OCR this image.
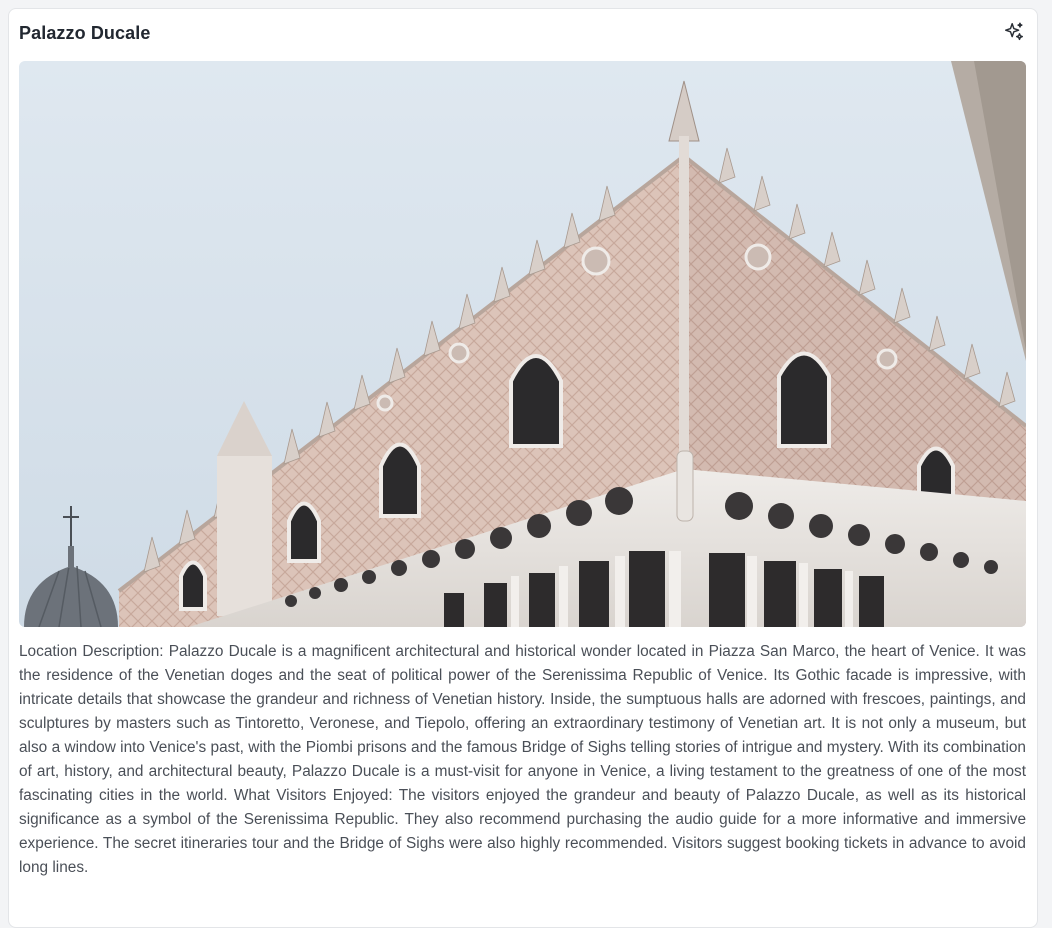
Palazzo Ducale

Location Description: Palazzo Ducale is a magnificent architectural and historical wonder located in Piazza San Marco, the heart of Venice. It was the residence of the Venetian doges and the seat of political power of the Serenissima Republic of Venice. Its Gothic facade is impressive, with intricate details that showcase the grandeur and richness of Venetian history. Inside, the sumptuous halls are adorned with frescoes, paintings, and sculptures by masters such as Tintoretto, Veronese, and Tiepolo, offering an extraordinary testimony of Venetian art. It is not only a museum, but also a window into Venice's past, with the Piombi prisons and the famous Bridge of Sighs telling stories of intrigue and mystery. With its combination of art, history, and architectural beauty, Palazzo Ducale is a must-visit for anyone in Venice, a living testament to the greatness of one of the most fascinating cities in the world. What Visitors Enjoyed: The visitors enjoyed the grandeur and beauty of Palazzo Ducale, as well as its historical significance as a symbol of the Serenissima Republic. They also recommend purchasing the audio guide for a more informative and immersive experience. The secret itineraries tour and the Bridge of Sighs were also highly recommended. Visitors suggest booking tickets in advance to avoid long lines.
